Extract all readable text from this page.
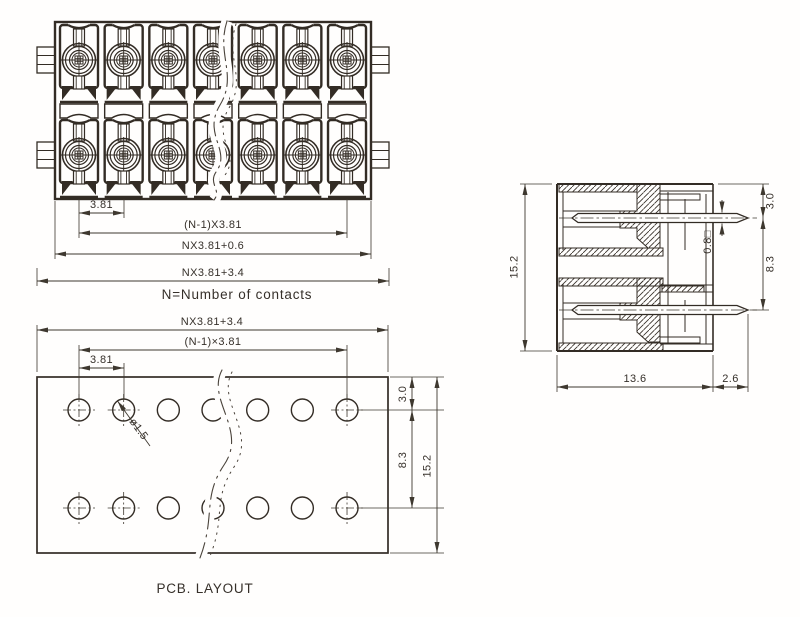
3.81
(N-1)X3.81
NX3.81+0.6
NX3.81+3.4
N=Number of contacts
NX3.81+3.4
(N-1)×3.81
3.81
ø1.5
3.0
8.3 15.2
PCB. LAYOUT
15.2
3.0
8.3
0.8□
13.6	2.6
